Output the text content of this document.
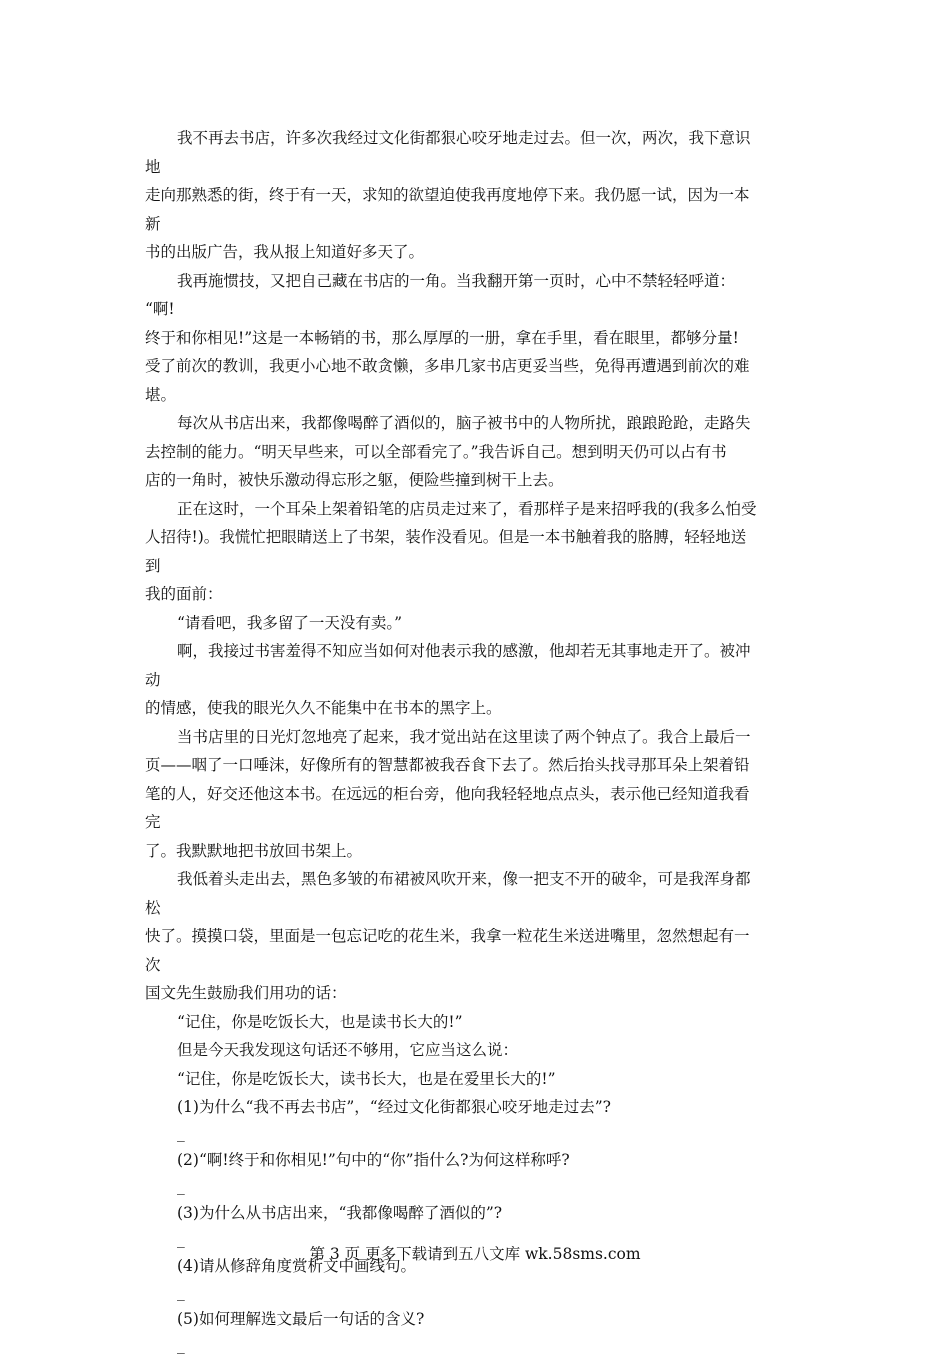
我不再去书店，许多次我经过文化街都狠心咬牙地走过去。但一次，两次，我下意识
地
走向那熟悉的街，终于有一天，求知的欲望迫使我再度地停下来。我仍愿一试，因为一本
新
书的出版广告，我从报上知道好多天了。
我再施惯技，又把自己藏在书店的一角。当我翻开第一页时，心中不禁轻轻呼道：
“啊!
终于和你相见!”这是一本畅销的书，那么厚厚的一册，拿在手里，看在眼里，都够分量!
受了前次的教训，我更小心地不敢贪懒，多串几家书店更妥当些，免得再遭遇到前次的难
堪。
每次从书店出来，我都像喝醉了酒似的，脑子被书中的人物所扰，踉踉跄跄，走路失
去控制的能力。“明天早些来，可以全部看完了。”我告诉自己。想到明天仍可以占有书
店的一角时，被快乐激动得忘形之躯，便险些撞到树干上去。
正在这时，一个耳朵上架着铅笔的店员走过来了，看那样子是来招呼我的(我多么怕受
人招待!)。我慌忙把眼睛送上了书架，装作没看见。但是一本书触着我的胳膊，轻轻地送
到
我的面前：
“请看吧，我多留了一天没有卖。”
啊，我接过书害羞得不知应当如何对他表示我的感激，他却若无其事地走开了。被冲
动
的情感，使我的眼光久久不能集中在书本的黑字上。
当书店里的日光灯忽地亮了起来，我才觉出站在这里读了两个钟点了。我合上最后一
页——咽了一口唾沫，好像所有的智慧都被我吞食下去了。然后抬头找寻那耳朵上架着铅
笔的人，好交还他这本书。在远远的柜台旁，他向我轻轻地点点头，表示他已经知道我看
完
了。我默默地把书放回书架上。
我低着头走出去，黑色多皱的布裙被风吹开来，像一把支不开的破伞，可是我浑身都
松
快了。摸摸口袋，里面是一包忘记吃的花生米，我拿一粒花生米送进嘴里，忽然想起有一
次
国文先生鼓励我们用功的话：
“记住，你是吃饭长大，也是读书长大的!”
但是今天我发现这句话还不够用，它应当这么说：
“记住，你是吃饭长大，读书长大，也是在爱里长大的!”
(1)为什么“我不再去书店”，“经过文化街都狠心咬牙地走过去”?
_
(2)“啊!终于和你相见!”句中的“你”指什么?为何这样称呼?
_
(3)为什么从书店出来，“我都像喝醉了酒似的”?
_
(4)请从修辞角度赏析文中画线句。
_
(5)如何理解选文最后一句话的含义?
_
第 3 页 更多下载请到五八文库 wk.58sms.com
